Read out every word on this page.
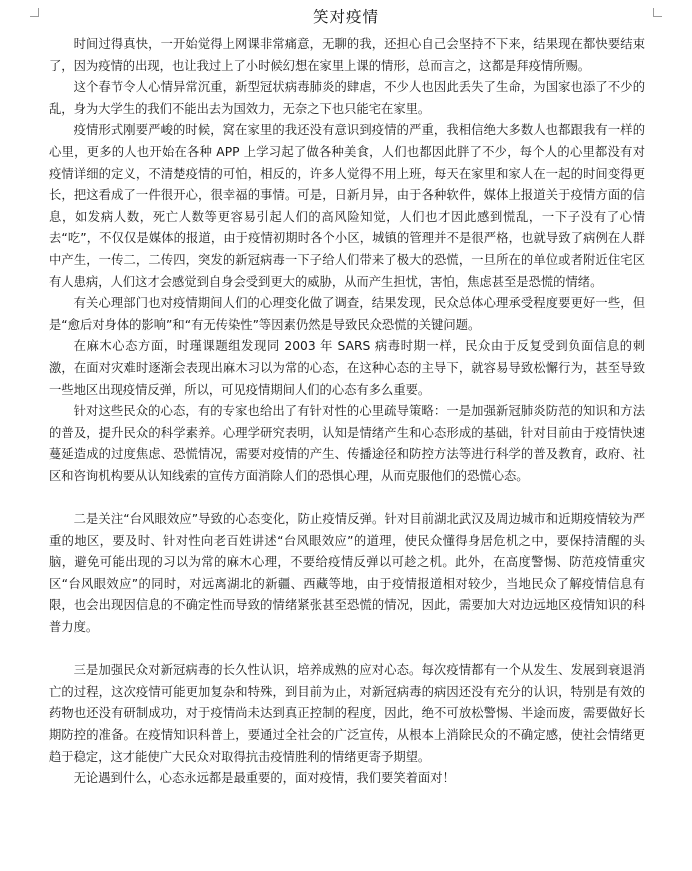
笑对疫情

时间过得真快，一开始觉得上网课非常痛意，无聊的我，还担心自己会坚持不下来，结果现在都快要结束了，因为疫情的出现，也让我过上了小时候幻想在家里上课的情形，总而言之，这都是拜疫情所赐。

这个春节令人心情异常沉重，新型冠状病毒肺炎的肆虐，不少人也因此丢失了生命，为国家也添了不少的乱，身为大学生的我们不能出去为国效力，无奈之下也只能宅在家里。

疫情形式刚要严峻的时候，窝在家里的我还没有意识到疫情的严重，我相信绝大多数人也都跟我有一样的心里，更多的人也开始在各种 APP 上学习起了做各种美食，人们也都因此胖了不少，每个人的心里都没有对疫情详细的定义，不清楚疫情的可怕，相反的，许多人觉得不用上班，每天在家里和家人在一起的时间变得更长，把这看成了一件很开心，很幸福的事情。可是，日新月异，由于各种软件，媒体上报道关于疫情方面的信息，如发病人数，死亡人数等更容易引起人们的高风险知觉，人们也才因此感到慌乱，一下子没有了心情去“吃”，不仅仅是媒体的报道，由于疫情初期时各个小区，城镇的管理并不是很严格，也就导致了病例在人群中产生，一传二，二传四，突发的新冠病毒一下子给人们带来了极大的恐慌，一旦所在的单位或者附近住宅区有人患病，人们这才会感觉到自身会受到更大的威胁，从而产生担忧，害怕，焦虑甚至是恐慌的情绪。

有关心理部门也对疫情期间人们的心理变化做了调查，结果发现，民众总体心理承受程度要更好一些，但是“愈后对身体的影响”和“有无传染性”等因素仍然是导致民众恐慌的关键问题。

在麻木心态方面，时瑾课题组发现同 2003 年 SARS 病毒时期一样，民众由于反复受到负面信息的刺激，在面对灾难时逐渐会表现出麻木习以为常的心态，在这种心态的主导下，就容易导致松懈行为，甚至导致一些地区出现疫情反弹，所以，可见疫情期间人们的心态有多么重要。

针对这些民众的心态，有的专家也给出了有针对性的心里疏导策略：一是加强新冠肺炎防范的知识和方法的普及，提升民众的科学素养。心理学研究表明，认知是情绪产生和心态形成的基础，针对目前由于疫情快速蔓延造成的过度焦虑、恐慌情况，需要对疫情的产生、传播途径和防控方法等进行科学的普及教育，政府、社区和咨询机构要从认知线索的宣传方面消除人们的恐惧心理，从而克服他们的恐慌心态。

二是关注“台风眼效应”导致的心态变化，防止疫情反弹。针对目前湖北武汉及周边城市和近期疫情较为严重的地区，要及时、针对性向老百姓讲述“台风眼效应”的道理，使民众懂得身居危机之中，要保持清醒的头脑，避免可能出现的习以为常的麻木心理，不要给疫情反弹以可趁之机。此外，在高度警惕、防范疫情重灾区“台风眼效应”的同时，对远离湖北的新疆、西藏等地，由于疫情报道相对较少，当地民众了解疫情信息有限，也会出现因信息的不确定性而导致的情绪紧张甚至恐慌的情况，因此，需要加大对边远地区疫情知识的科普力度。

三是加强民众对新冠病毒的长久性认识，培养成熟的应对心态。每次疫情都有一个从发生、发展到衰退消亡的过程，这次疫情可能更加复杂和特殊，到目前为止，对新冠病毒的病因还没有充分的认识，特别是有效的药物也还没有研制成功，对于疫情尚未达到真正控制的程度，因此，绝不可放松警惕、半途而废，需要做好长期防控的准备。在疫情知识科普上，要通过全社会的广泛宣传，从根本上消除民众的不确定感，使社会情绪更趋于稳定，这才能使广大民众对取得抗击疫情胜利的情绪更寄予期望。

无论遇到什么，心态永远都是最重要的，面对疫情，我们要笑着面对！
